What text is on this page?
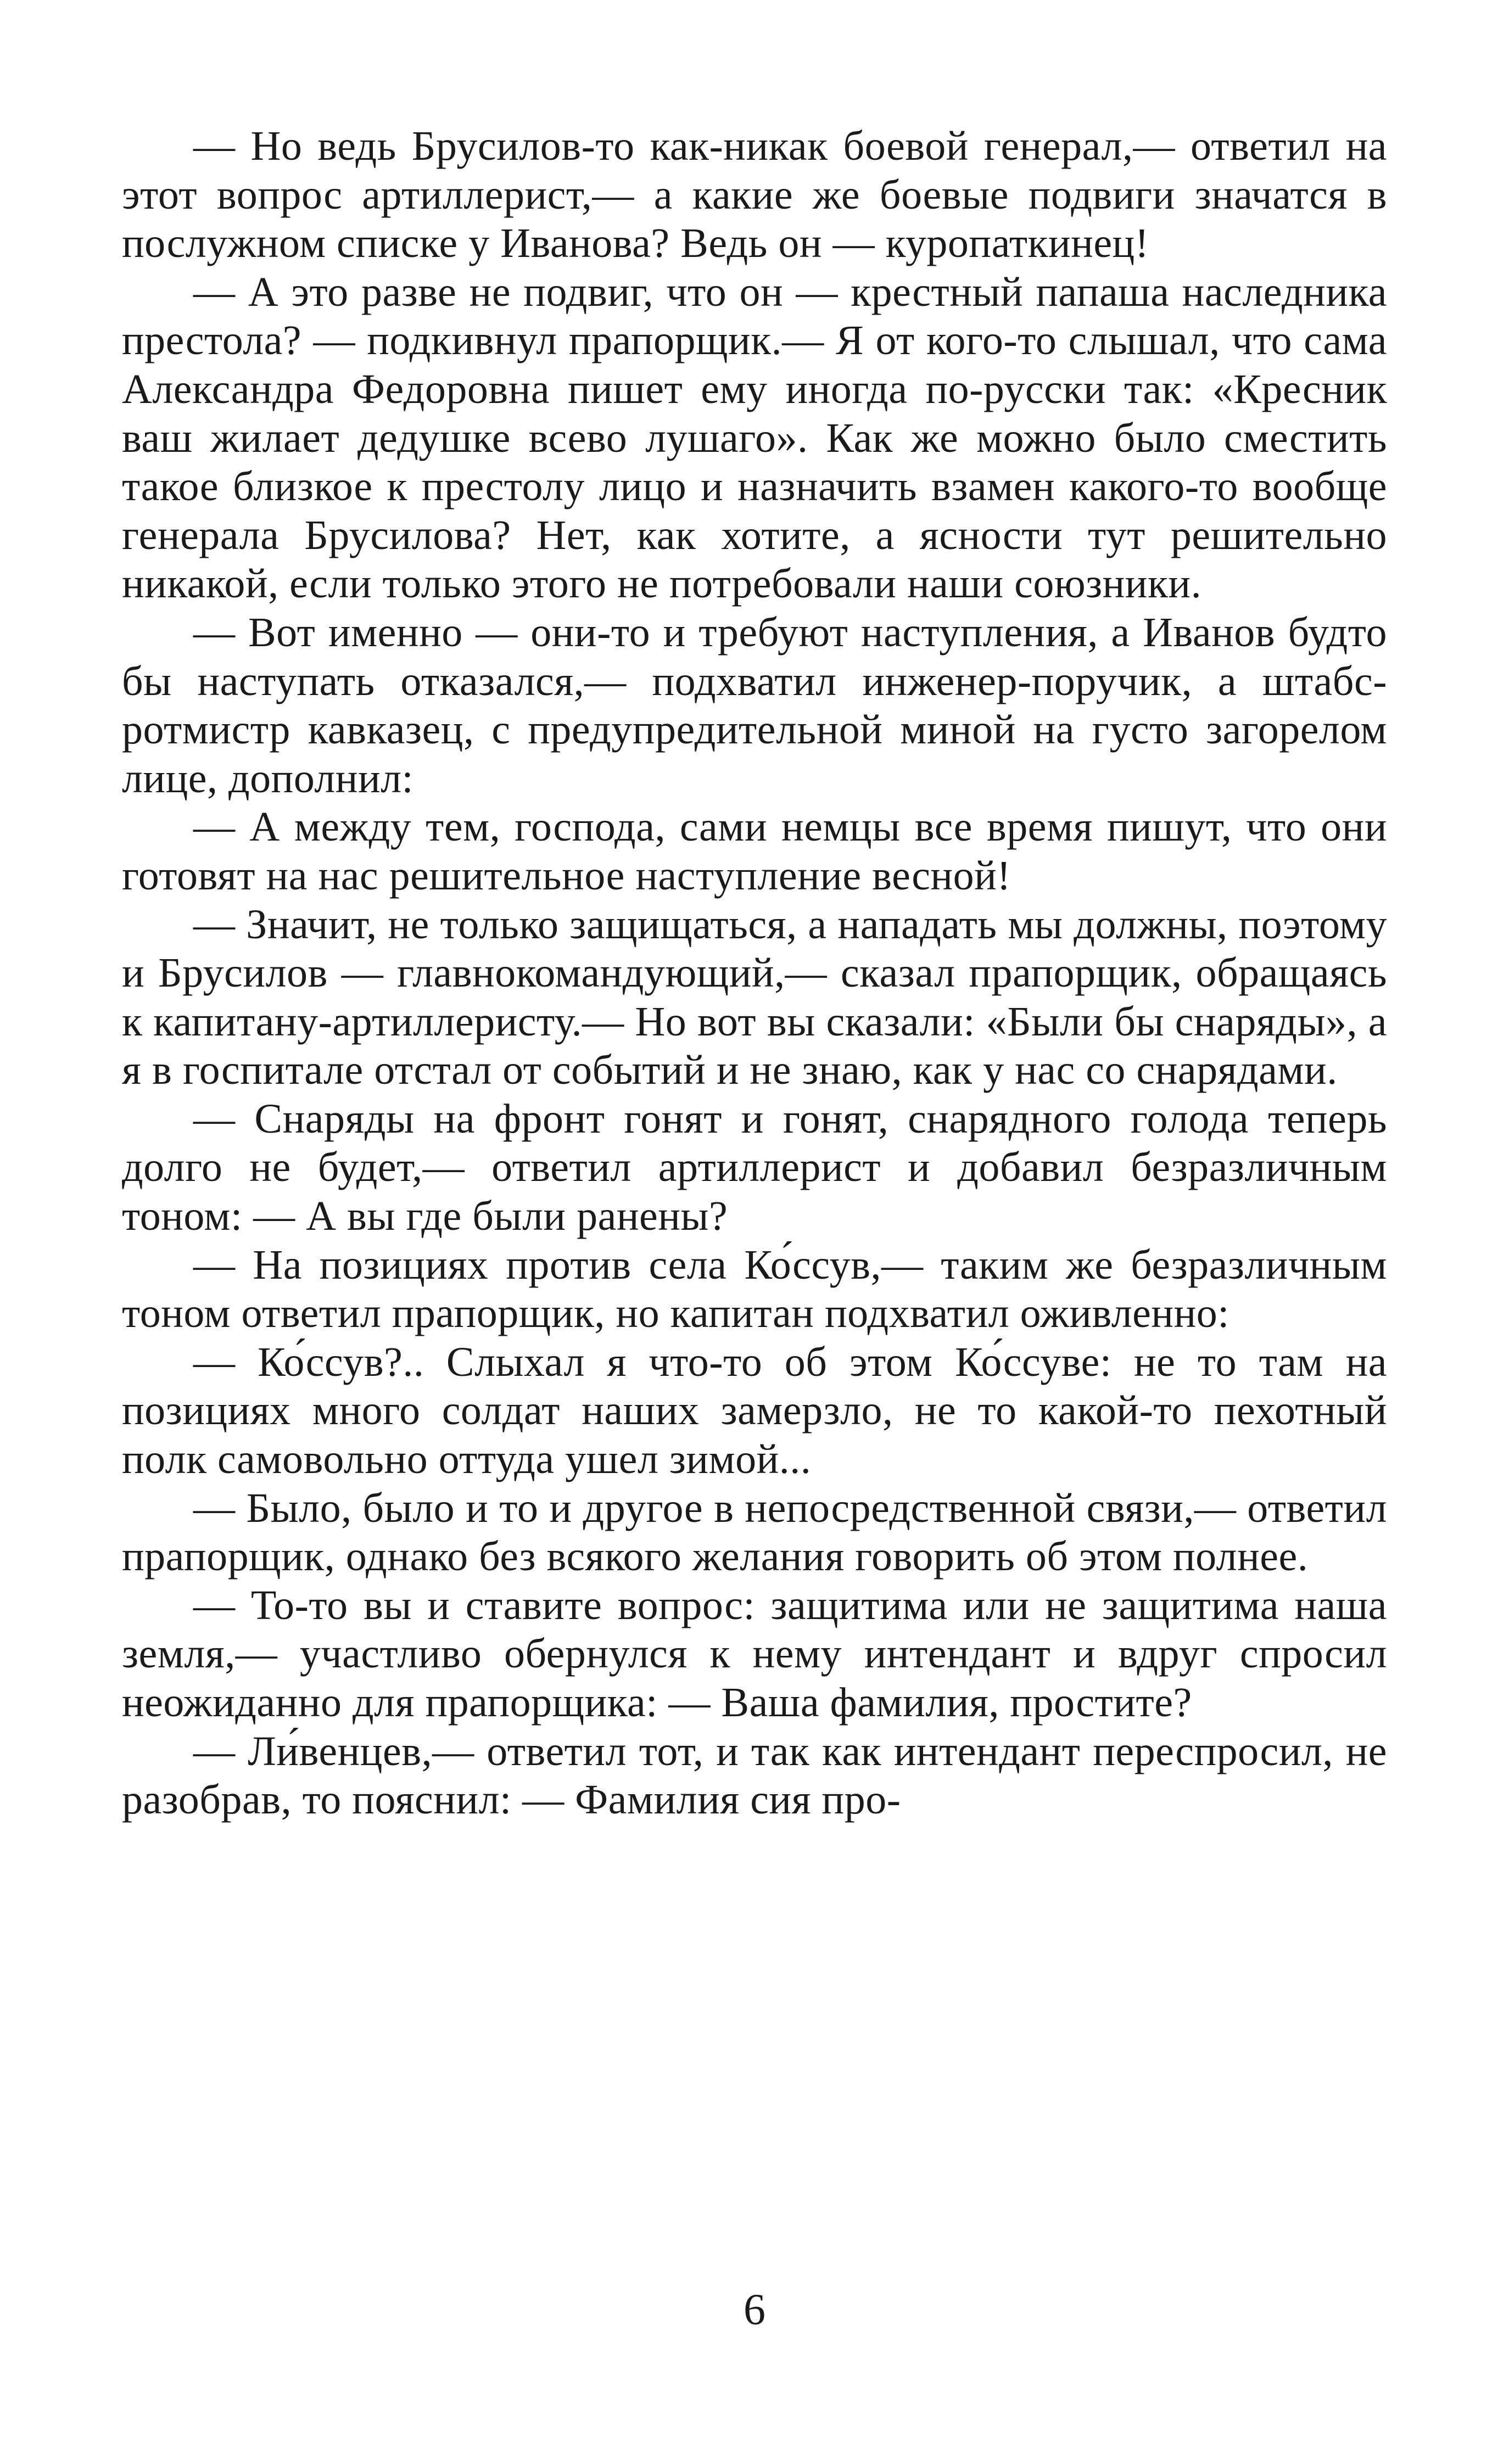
— Но ведь Брусилов-то как-никак боевой генерал,— ответил на этот вопрос артиллерист,— а какие же боевые подвиги значатся в послужном списке у Иванова? Ведь он — куропаткинец!

— А это разве не подвиг, что он — крестный папаша наследника престола? — подкивнул прапорщик.— Я от кого-то слышал, что сама Александра Федоровна пишет ему иногда по-русски так: «Кресник ваш жилает дедушке всево лушаго». Как же можно было сместить такое близкое к престолу лицо и назначить взамен какого-то вообще генерала Брусилова? Нет, как хотите, а ясности тут решительно никакой, если только этого не потребовали наши союзники.

— Вот именно — они-то и требуют наступления, а Иванов будто бы наступать отказался,— подхватил инженер-поручик, а штабс-ротмистр кавказец, с предупредительной миной на густо загорелом лице, дополнил:

— А между тем, господа, сами немцы все время пишут, что они готовят на нас решительное наступление весной!

— Значит, не только защищаться, а нападать мы должны, поэтому и Брусилов — главнокомандующий,— сказал прапорщик, обращаясь к капитану-артиллеристу.— Но вот вы сказали: «Были бы снаряды», а я в госпитале отстал от событий и не знаю, как у нас со снарядами.

— Снаряды на фронт гонят и гонят, снарядного голода теперь долго не будет,— ответил артиллерист и добавил безразличным тоном: — А вы где были ранены?

— На позициях против села Ко́ссув,— таким же безразличным тоном ответил прапорщик, но капитан подхватил оживленно:

— Ко́ссув?.. Слыхал я что-то об этом Ко́ссуве: не то там на позициях много солдат наших замерзло, не то какой-то пехотный полк самовольно оттуда ушел зимой...

— Было, было и то и другое в непосредственной связи,— ответил прапорщик, однако без всякого желания говорить об этом полнее.

— То-то вы и ставите вопрос: защитима или не защитима наша земля,— участливо обернулся к нему интендант и вдруг спросил неожиданно для прапорщика: — Ваша фамилия, простите?

— Ли́венцев,— ответил тот, и так как интендант переспросил, не разобрав, то пояснил: — Фамилия сия про-

6
